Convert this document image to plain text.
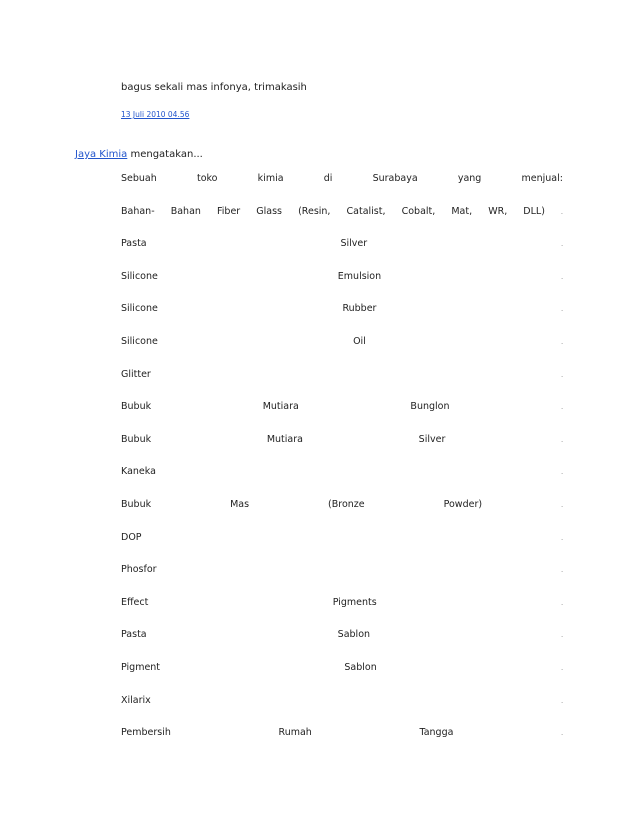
bagus sekali mas infonya, trimakasih
13 Juli 2010 04.56
Jaya Kimia mengatakan...
Sebuah	toko	kimia	di	Surabaya	yang	menjual:
Bahan- Bahan Fiber Glass (Resin, Catalist, Cobalt, Mat, WR, DLL)	.
Pasta	Silver	.
Silicone	Emulsion	.
Silicone	Rubber	.
Silicone	Oil	.
Glitter	.
Bubuk	Mutiara	Bunglon	.
Bubuk	Mutiara	Silver	.
Kaneka	.
Bubuk	Mas	(Bronze	Powder)	.
DOP	.
Phosfor	.
Effect	Pigments	.
Pasta	Sablon	.
Pigment	Sablon	.
Xilarix	.
Pembersih	Rumah	Tangga	.
